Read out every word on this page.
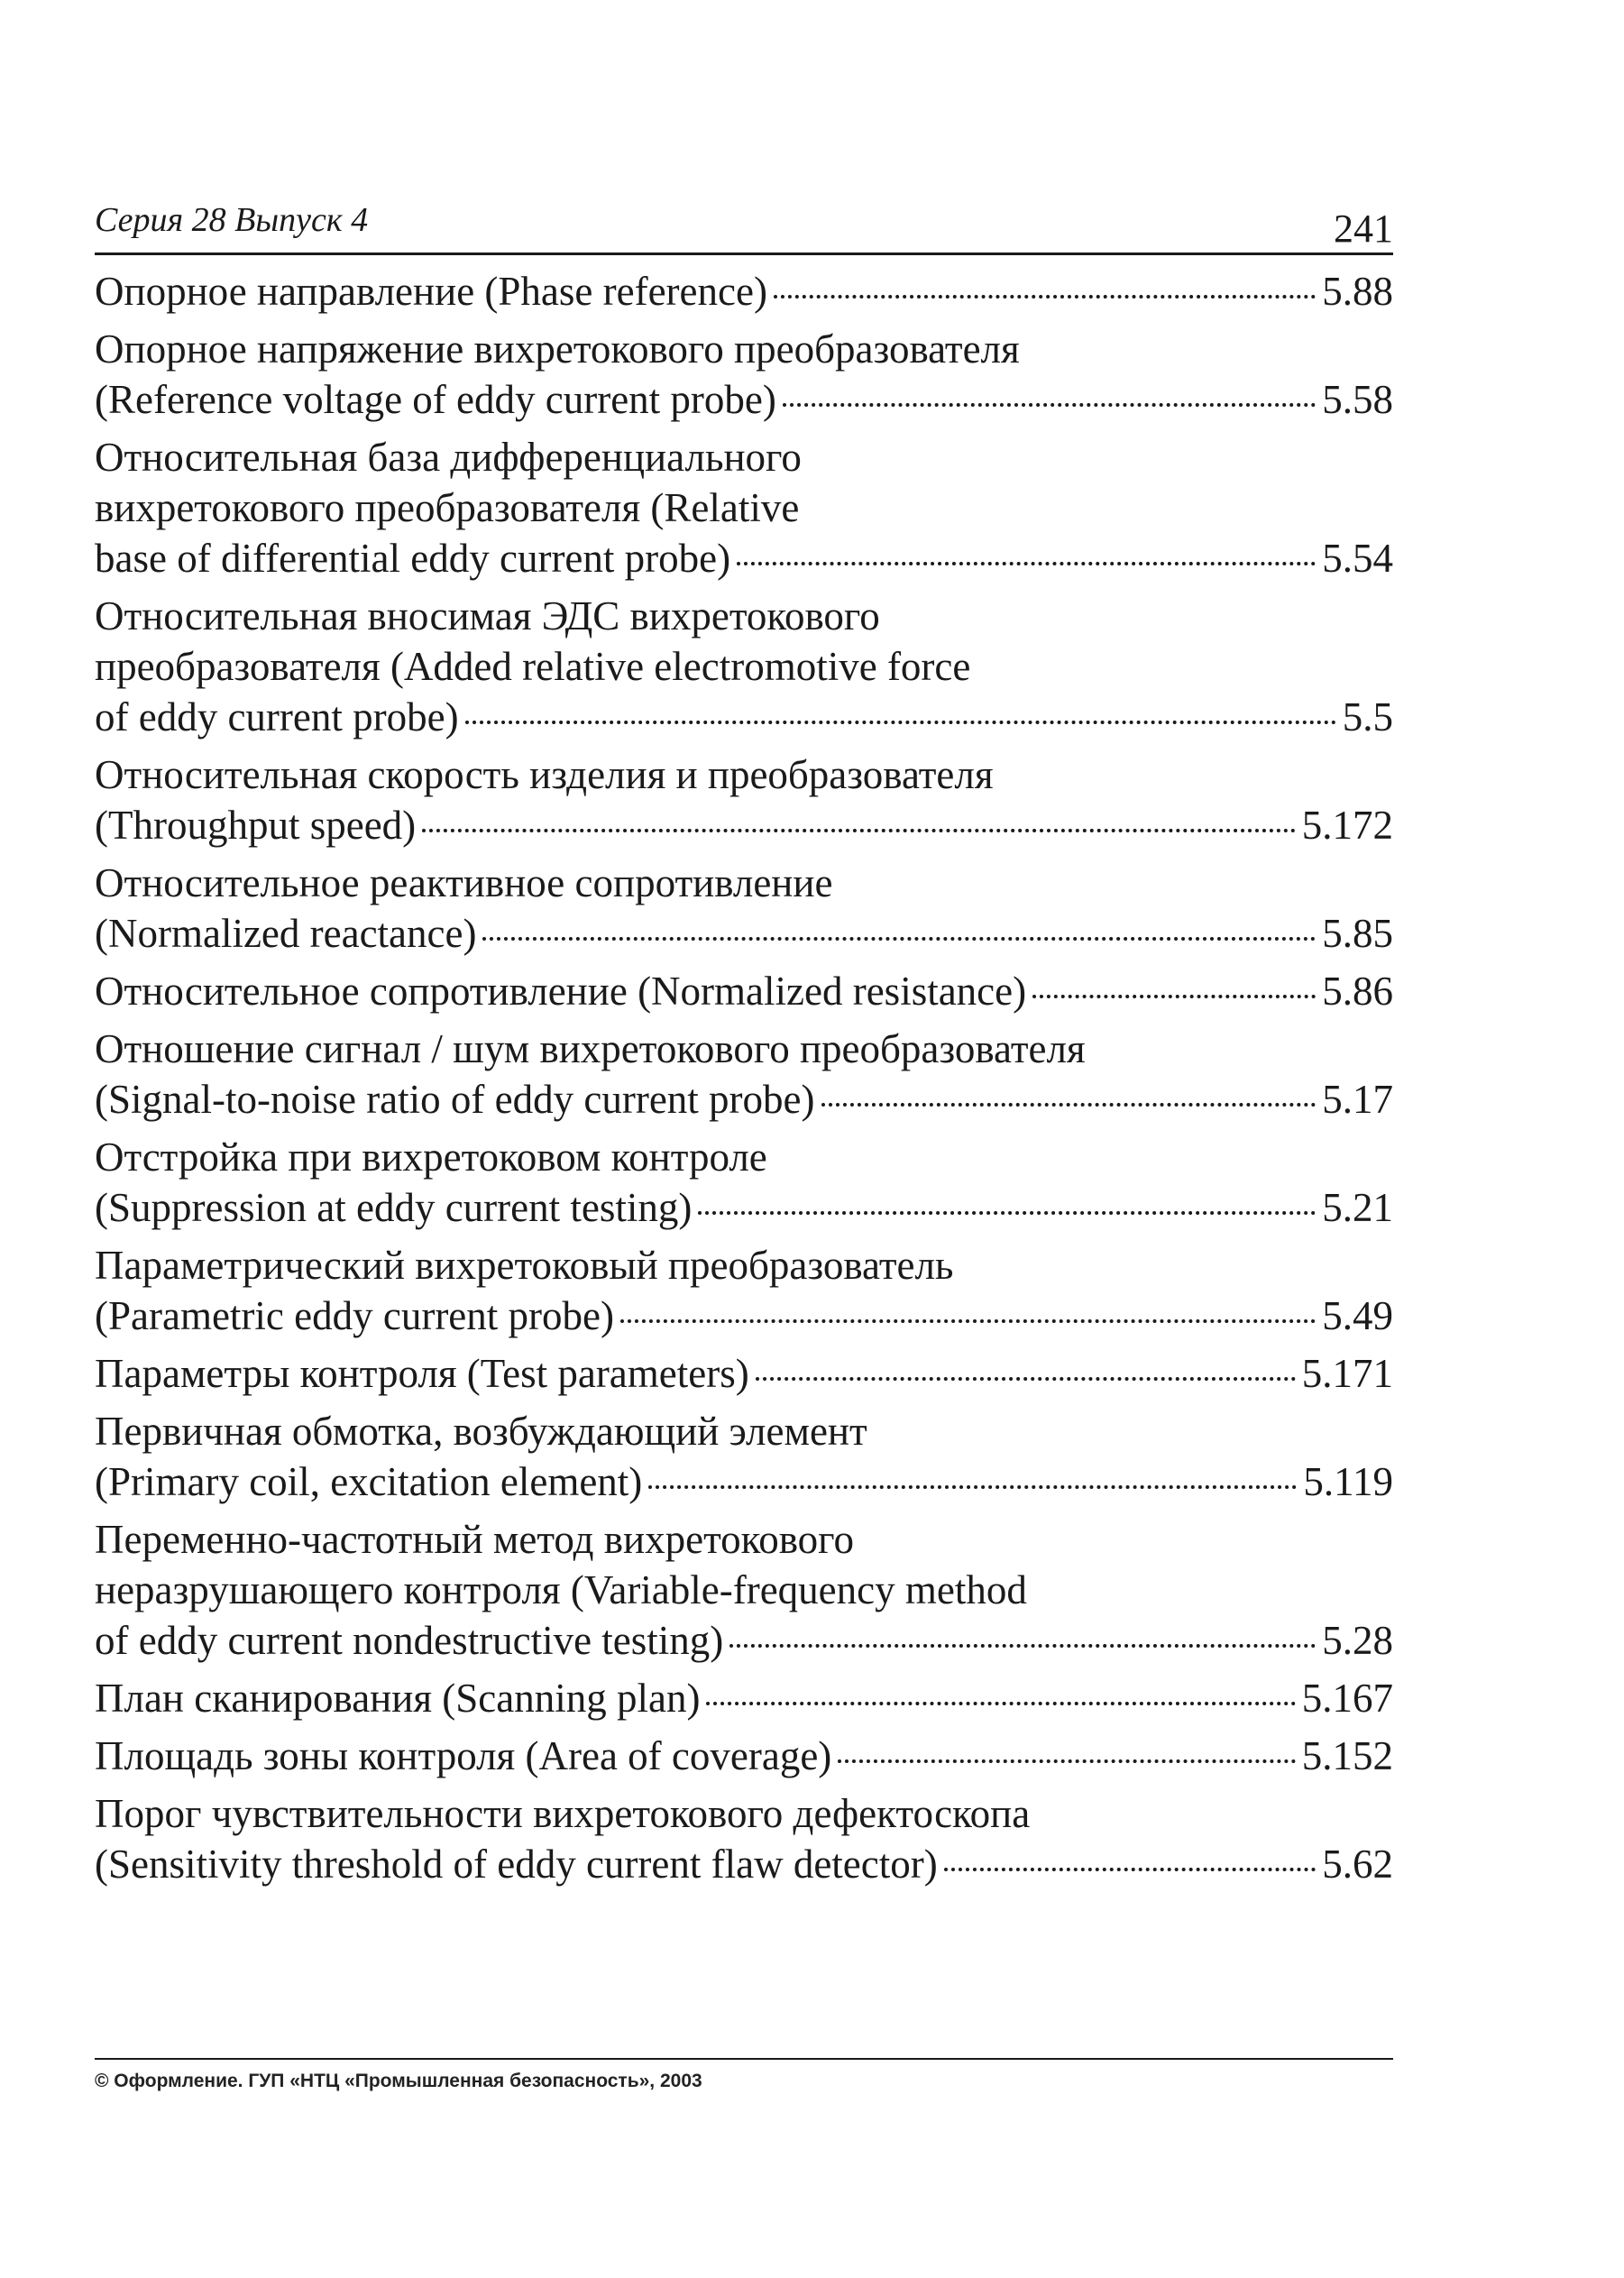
Серия 28 Выпуск 4	241
Опорное направление (Phase reference)	5.88
Опорное напряжение вихретокового преобразователя
(Reference voltage of eddy current probe)	5.58
Относительная база дифференциального
вихретокового преобразователя (Relative
base of differential eddy current probe)	5.54
Относительная вносимая ЭДС вихретокового
преобразователя (Added relative electromotive force
of eddy current probe)	5.5
Относительная скорость изделия и преобразователя
(Throughput speed)	5.172
Относительное реактивное сопротивление
(Normalized reactance)	5.85
Относительное сопротивление (Normalized resistance)	5.86
Отношение сигнал / шум вихретокового преобразователя
(Signal-to-noise ratio of eddy current probe)	5.17
Отстройка при вихретоковом контроле
(Suppression at eddy current testing)	5.21
Параметрический вихретоковый преобразователь
(Parametric eddy current probe)	5.49
Параметры контроля (Test parameters)	5.171
Первичная обмотка, возбуждающий элемент
(Primary coil, excitation element)	5.119
Переменно-частотный метод вихретокового
неразрушающего контроля (Variable-frequency method
of eddy current nondestructive testing)	5.28
План сканирования (Scanning plan)	5.167
Площадь зоны контроля (Area of coverage)	5.152
Порог чувствительности вихретокового дефектоскопа
(Sensitivity threshold of eddy current flaw detector)	5.62
© Оформление. ГУП «НТЦ «Промышленная безопасность», 2003
